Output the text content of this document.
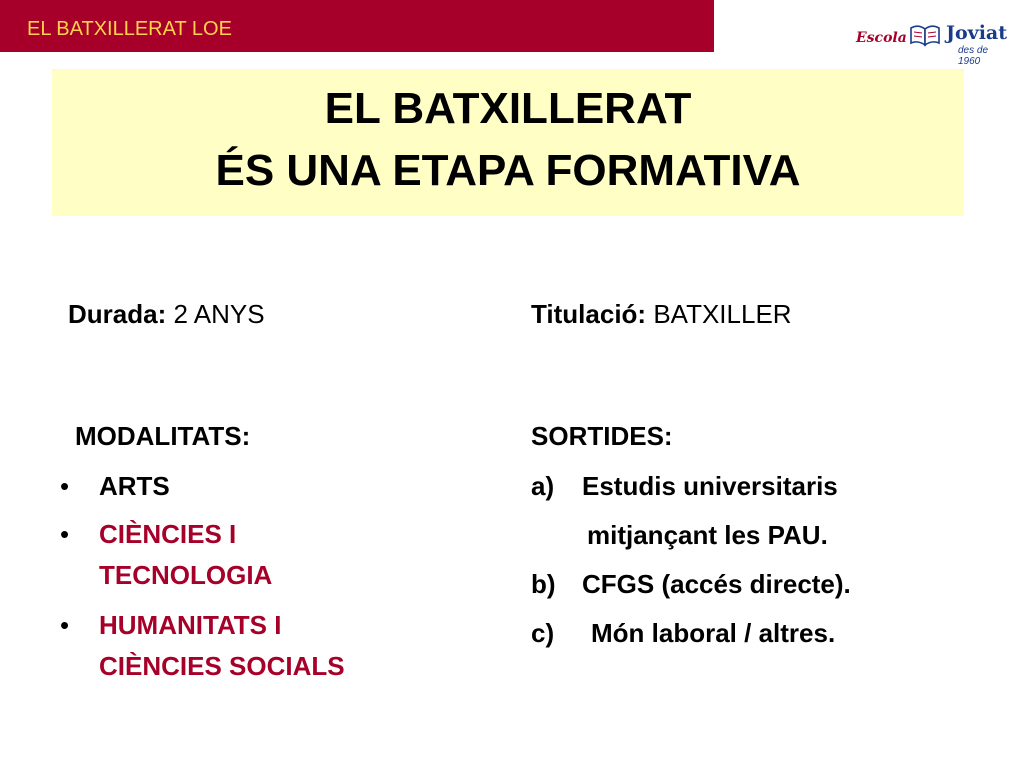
EL BATXILLERAT LOE	Escola Joviat
des de 1960
EL BATXILLERAT
ÉS UNA ETAPA FORMATIVA
Durada: 2 ANYS	Titulació: BATXILLER
MODALITATS:
• ARTS
• CIÈNCIES I
TECNOLOGIA
• HUMANITATS I
CIÈNCIES SOCIALS
SORTIDES:
a) Estudis universitaris
mitjançant les PAU.
b) CFGS (accés directe).
c) Món laboral / altres.
